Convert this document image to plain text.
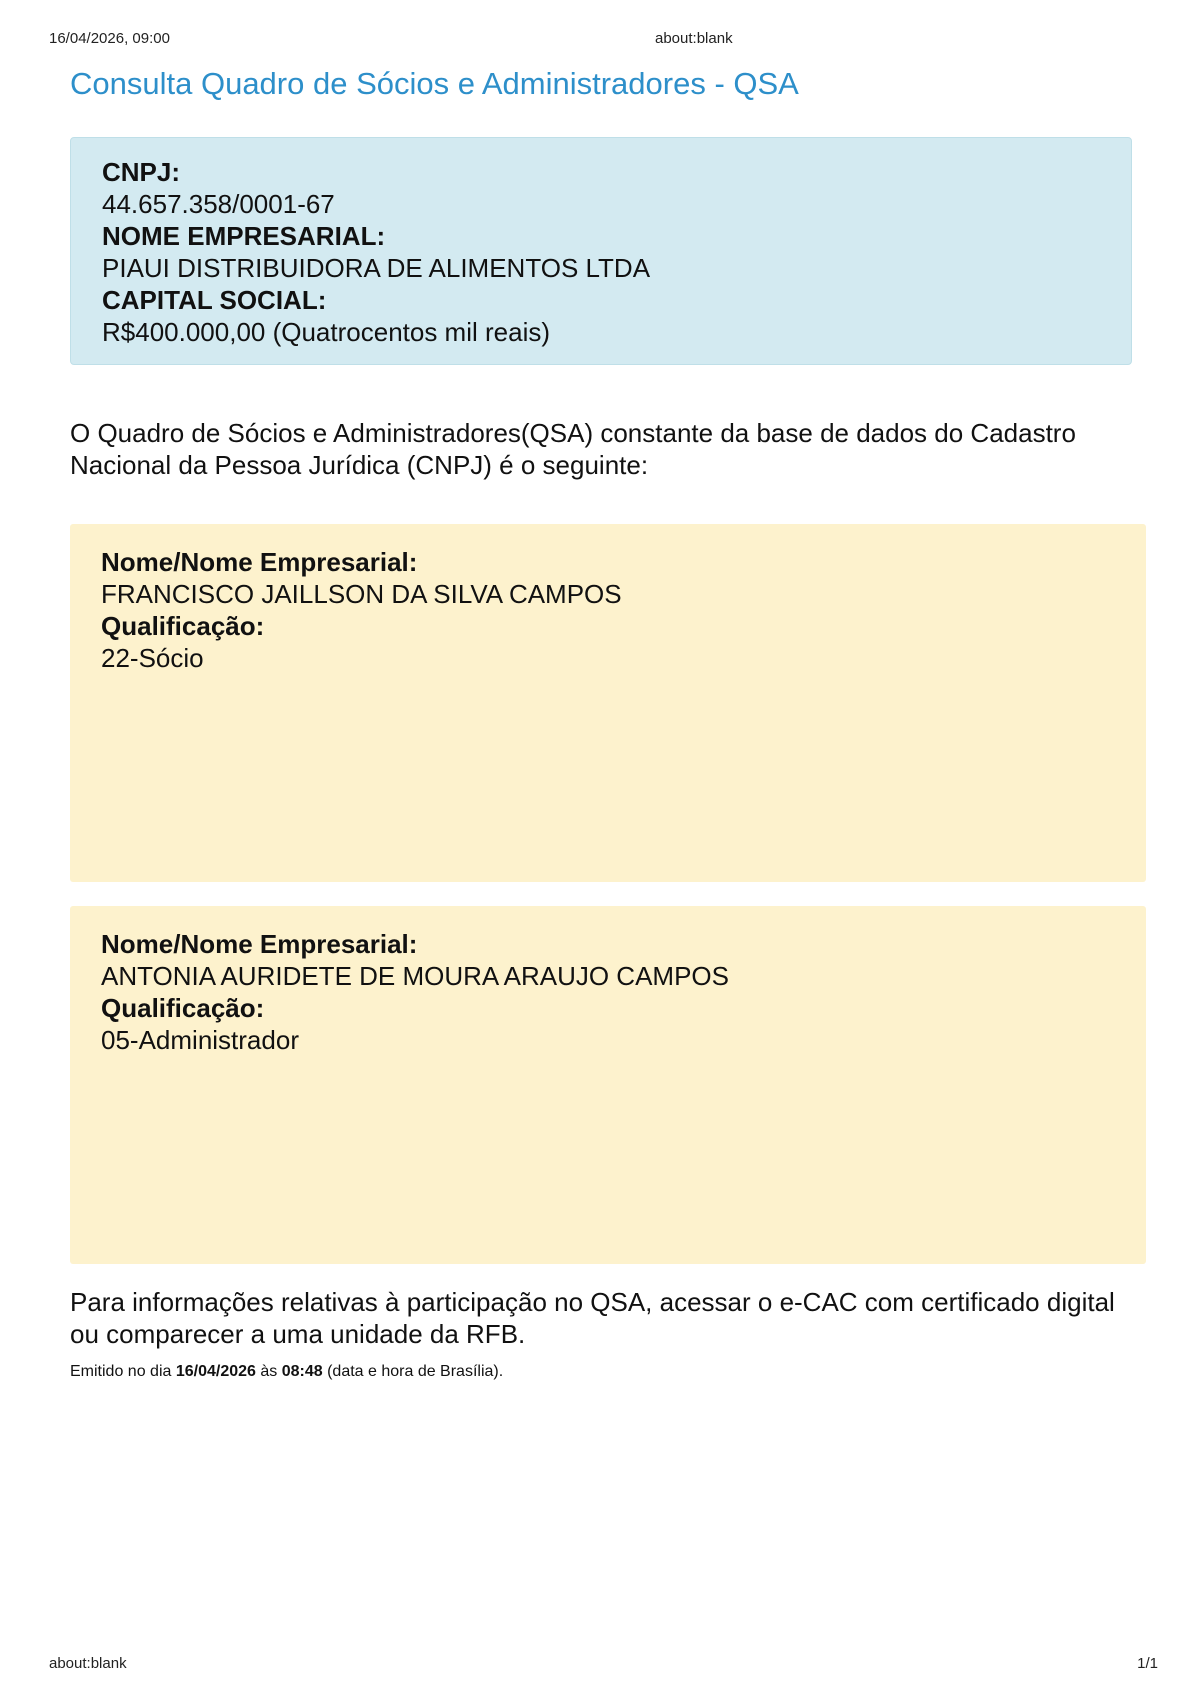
16/04/2026, 09:00	about:blank
Consulta Quadro de Sócios e Administradores - QSA
CNPJ:
44.657.358/0001-67
NOME EMPRESARIAL:
PIAUI DISTRIBUIDORA DE ALIMENTOS LTDA
CAPITAL SOCIAL:
R$400.000,00 (Quatrocentos mil reais)

O Quadro de Sócios e Administradores(QSA) constante da base de dados do Cadastro Nacional da Pessoa Jurídica (CNPJ) é o seguinte:

Nome/Nome Empresarial:
FRANCISCO JAILLSON DA SILVA CAMPOS
Qualificação:
22-Sócio
Nome/Nome Empresarial:
ANTONIA AURIDETE DE MOURA ARAUJO CAMPOS
Qualificação:
05-Administrador

Para informações relativas à participação no QSA, acessar o e-CAC com certificado digital ou comparecer a uma unidade da RFB.

Emitido no dia 16/04/2026 às 08:48 (data e hora de Brasília).

about:blank	1/1
